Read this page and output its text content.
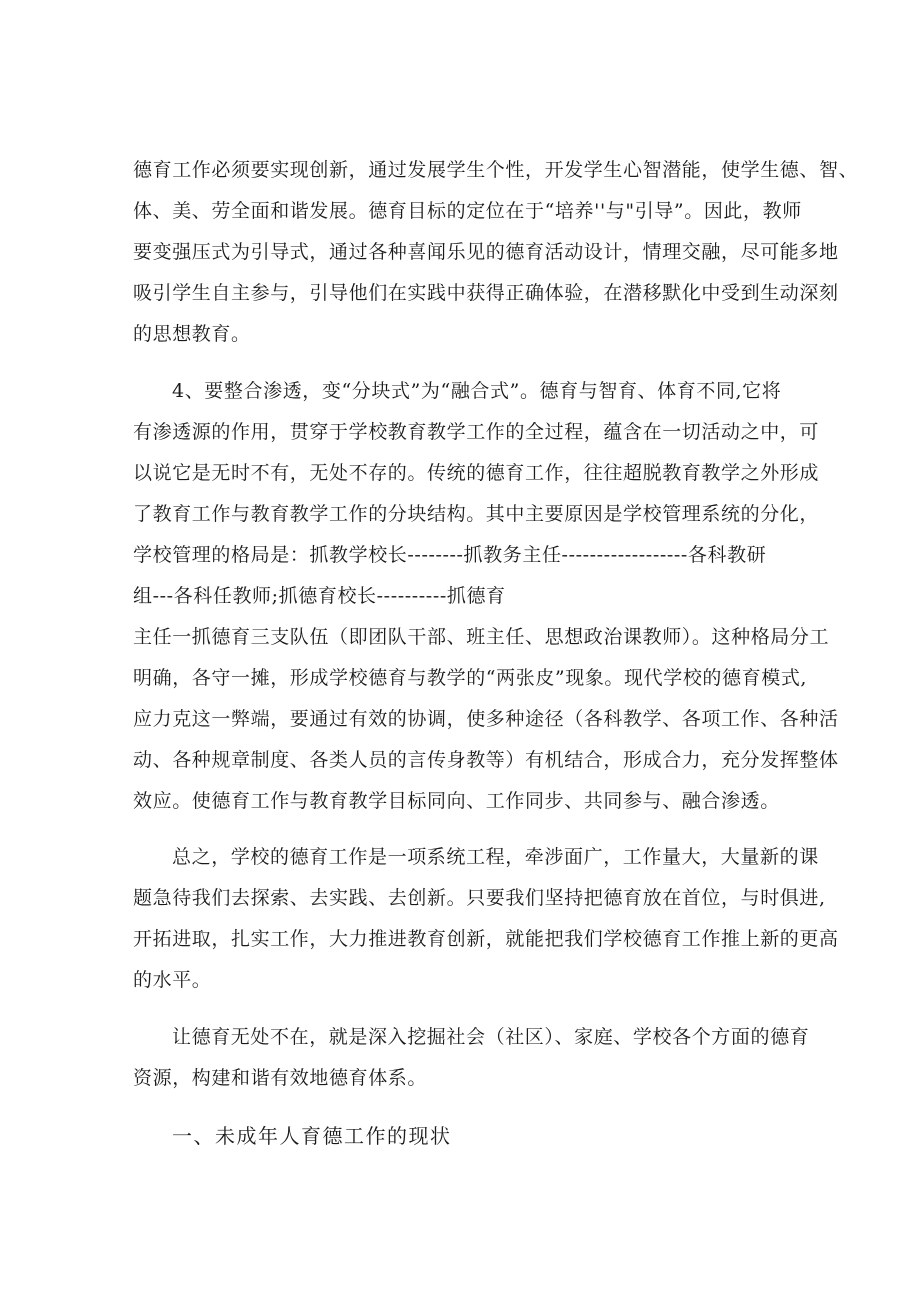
德育工作必须要实现创新，通过发展学生个性，开发学生心智潜能，使学生德、智、
体、美、劳全面和谐发展。德育目标的定位在于“培养''与"引导”。因此，教师
要变强压式为引导式，通过各种喜闻乐见的德育活动设计，情理交融，尽可能多地
吸引学生自主参与，引导他们在实践中获得正确体验，在潜移默化中受到生动深刻
的思想教育。
4、要整合渗透，变“分块式”为“融合式”。德育与智育、体育不同,它将
有渗透源的作用，贯穿于学校教育教学工作的全过程，蕴含在一切活动之中，可
以说它是无时不有，无处不存的。传统的德育工作，往往超脱教育教学之外形成
了教育工作与教育教学工作的分块结构。其中主要原因是学校管理系统的分化，
学校管理的格局是：抓教学校长--------抓教务主任------------------各科教研
组---各科任教师;抓德育校长----------抓德育
主任一抓德育三支队伍（即团队干部、班主任、思想政治课教师）。这种格局分工
明确，各守一摊，形成学校德育与教学的“两张皮”现象。现代学校的德育模式,
应力克这一弊端，要通过有效的协调，使多种途径（各科教学、各项工作、各种活
动、各种规章制度、各类人员的言传身教等）有机结合，形成合力，充分发挥整体
效应。使德育工作与教育教学目标同向、工作同步、共同参与、融合渗透。
总之，学校的德育工作是一项系统工程，牵涉面广，工作量大，大量新的课
题急待我们去探索、去实践、去创新。只要我们坚持把德育放在首位，与时俱进,
开拓进取，扎实工作，大力推进教育创新，就能把我们学校德育工作推上新的更高
的水平。
让德育无处不在，就是深入挖掘社会（社区）、家庭、学校各个方面的德育
资源，构建和谐有效地德育体系。
一、未成年人育德工作的现状
